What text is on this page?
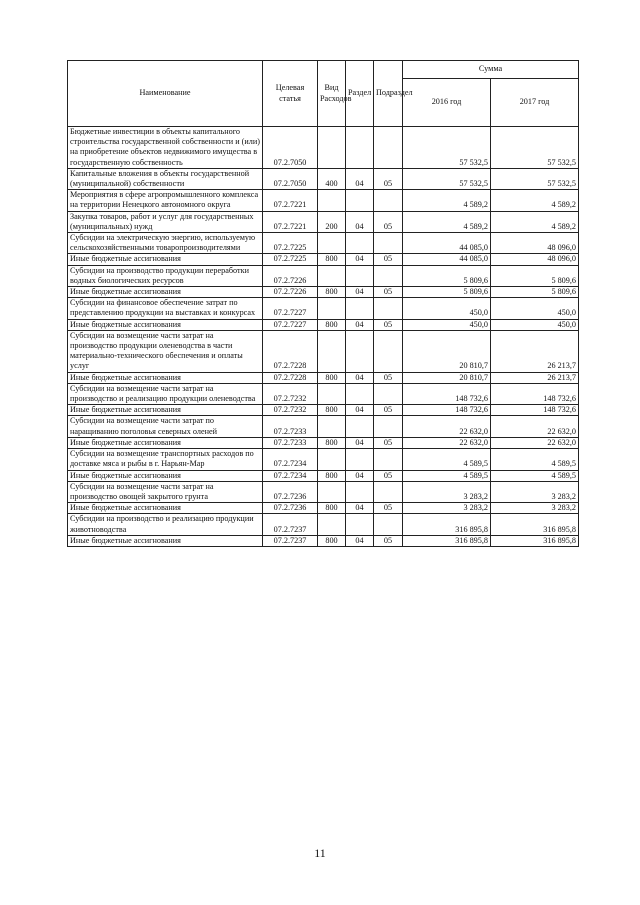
Наименование	Целевая статья	Вид Расходов	Раздел	Подраздел	Сумма	
					2016 год	2017 год
Бюджетные инвестиции в объекты капитального строительства государственной собственности и (или) на приобретение объектов недвижимого имущества в государственную собственность	07.2.7050				57 532,5	57 532,5
Капитальные вложения в объекты государственной (муниципальной) собственности	07.2.7050	400	04	05	57 532,5	57 532,5
Мероприятия в сфере агропромышленного комплекса на территории Ненецкого автономного округа	07.2.7221				4 589,2	4 589,2
Закупка товаров, работ и услуг для государственных (муниципальных) нужд	07.2.7221	200	04	05	4 589,2	4 589,2
Субсидии на электрическую энергию, используемую сельскохозяйственными товаропроизводителями	07.2.7225				44 085,0	48 096,0
Иные бюджетные ассигнования	07.2.7225	800	04	05	44 085,0	48 096,0
Субсидии на производство продукции переработки водных биологических ресурсов	07.2.7226				5 809,6	5 809,6
Иные бюджетные ассигнования	07.2.7226	800	04	05	5 809,6	5 809,6
Субсидии на финансовое обеспечение затрат по представлению продукции на выставках и конкурсах	07.2.7227				450,0	450,0
Иные бюджетные ассигнования	07.2.7227	800	04	05	450,0	450,0
Субсидии на возмещение части затрат на производство продукции оленеводства в части материально-технического обеспечения и оплаты услуг	07.2.7228				20 810,7	26 213,7
Иные бюджетные ассигнования	07.2.7228	800	04	05	20 810,7	26 213,7
Субсидии на возмещение части затрат на производство и реализацию продукции оленеводства	07.2.7232				148 732,6	148 732,6
Иные бюджетные ассигнования	07.2.7232	800	04	05	148 732,6	148 732,6
Субсидии на возмещение части затрат по наращиванию поголовья северных оленей	07.2.7233				22 632,0	22 632,0
Иные бюджетные ассигнования	07.2.7233	800	04	05	22 632,0	22 632,0
Субсидии на возмещение транспортных расходов по доставке мяса и рыбы в г. Нарьян-Мар	07.2.7234				4 589,5	4 589,5
Иные бюджетные ассигнования	07.2.7234	800	04	05	4 589,5	4 589,5
Субсидии на возмещение части затрат на производство овощей закрытого грунта	07.2.7236				3 283,2	3 283,2
Иные бюджетные ассигнования	07.2.7236	800	04	05	3 283,2	3 283,2
Субсидии на производство и реализацию продукции животноводства	07.2.7237				316 895,8	316 895,8
Иные бюджетные ассигнования	07.2.7237	800	04	05	316 895,8	316 895,8
11
